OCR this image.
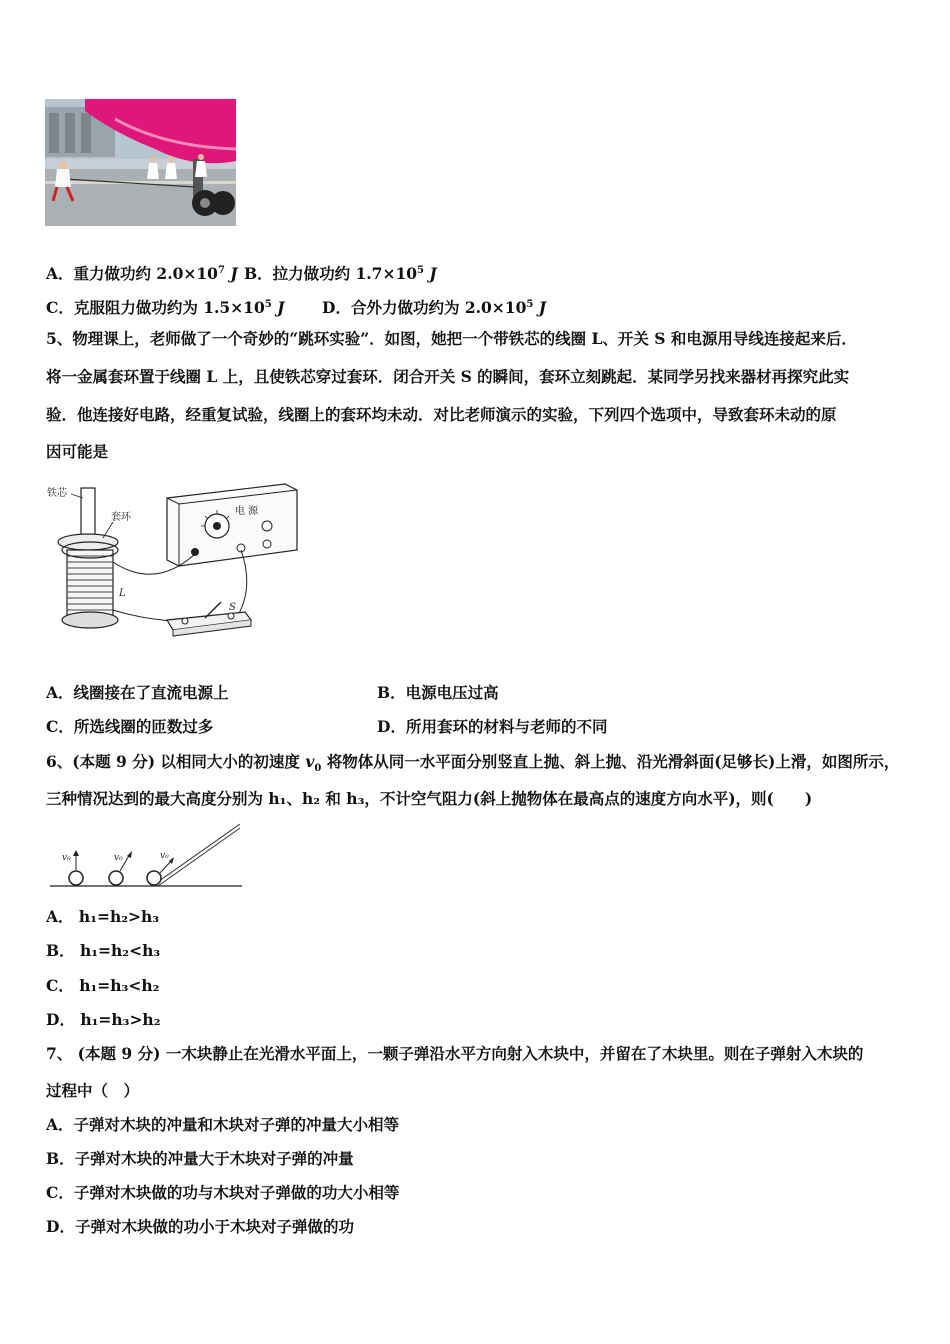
A．重力做功约 $2.0\times 10^7$ J B．拉力做功约 $1.7\times 10^5$ J
C．克服阻力做功约为 $1.5\times 10^5$ J D．合外力做功约为 $2.0\times 10^5$ J
5、物理课上，老师做了一个奇妙的“跳环实验”．如图，她把一个带铁芯的线圈 L、开关 S 和电源用导线连接起来后．
将一金属套环置于线圈 L 上，且使铁芯穿过套环．闭合开关 S 的瞬间，套环立刻跳起．某同学另找来器材再探究此实
验．他连接好电路，经重复试验，线圈上的套环均未动．对比老师演示的实验，下列四个选项中，导致套环未动的原
因可能是
铁芯
套环
L
电 源
S
A．线圈接在了直流电源上	B．电源电压过高
C．所选线圈的匝数过多	D．所用套环的材料与老师的不同
6、(本题 9 分) 以相同大小的初速度 $v_0$ 将物体从同一水平面分别竖直上抛、斜上抛、沿光滑斜面(足够长)上滑，如图所示，
三种情况达到的最大高度分别为 h₁、h₂ 和 h₃，不计空气阻力(斜上抛物体在最高点的速度方向水平)，则(　　)
v₀	v₀	v₀
A． h₁=h₂>h₃
B． h₁=h₂<h₃
C． h₁=h₃<h₂
D． h₁=h₃>h₂
7、 (本题 9 分) 一木块静止在光滑水平面上，一颗子弹沿水平方向射入木块中，并留在了木块里。则在子弹射入木块的
过程中（　）
A．子弹对木块的冲量和木块对子弹的冲量大小相等
B．子弹对木块的冲量大于木块对子弹的冲量
C．子弹对木块做的功与木块对子弹做的功大小相等
D．子弹对木块做的功小于木块对子弹做的功
